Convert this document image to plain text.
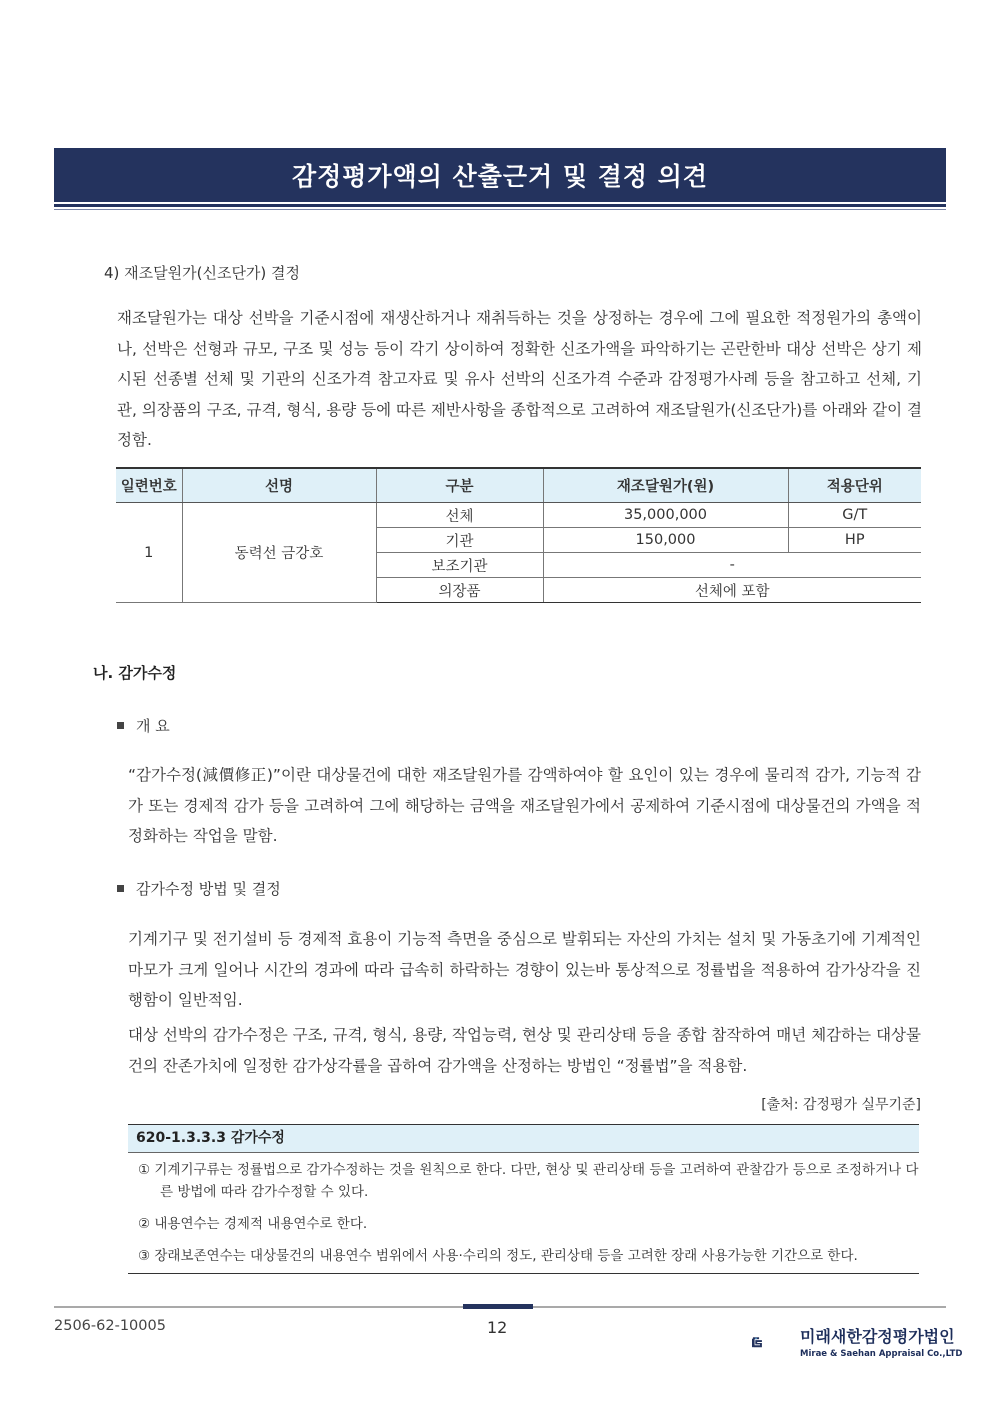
감정평가액의 산출근거 및 결정 의견
4) 재조달원가(신조단가) 결정

재조달원가는 대상 선박을 기준시점에 재생산하거나 재취득하는 것을 상정하는 경우에 그에 필요한 적정원가의 총액이나, 선박은 선형과 규모, 구조 및 성능 등이 각기 상이하여 정확한 신조가액을 파악하기는 곤란한바 대상 선박은 상기 제시된 선종별 선체 및 기관의 신조가격 참고자료 및 유사 선박의 신조가격 수준과 감정평가사례 등을 참고하고 선체, 기관, 의장품의 구조, 규격, 형식, 용량 등에 따른 제반사항을 종합적으로 고려하여 재조달원가(신조단가)를 아래와 같이 결정함.

일련번호	선명	구분	재조달원가(원)	적용단위
1	동력선 금강호	선체	35,000,000	G/T
		기관	150,000	HP
		보조기관	-	
		의장품	선체에 포함	
나. 감가수정
개 요

“감가수정(減價修正)”이란 대상물건에 대한 재조달원가를 감액하여야 할 요인이 있는 경우에 물리적 감가, 기능적 감가 또는 경제적 감가 등을 고려하여 그에 해당하는 금액을 재조달원가에서 공제하여 기준시점에 대상물건의 가액을 적정화하는 작업을 말함.

감가수정 방법 및 결정

기계기구 및 전기설비 등 경제적 효용이 기능적 측면을 중심으로 발휘되는 자산의 가치는 설치 및 가동초기에 기계적인 마모가 크게 일어나 시간의 경과에 따라 급속히 하락하는 경향이 있는바 통상적으로 정률법을 적용하여 감가상각을 진행함이 일반적임.

대상 선박의 감가수정은 구조, 규격, 형식, 용량, 작업능력, 현상 및 관리상태 등을 종합 참작하여 매년 체감하는 대상물건의 잔존가치에 일정한 감가상각률을 곱하여 감가액을 산정하는 방법인 “정률법”을 적용함.

[출처: 감정평가 실무기준]
620-1.3.3.3 감가수정

① 기계기구류는 정률법으로 감가수정하는 것을 원칙으로 한다. 다만, 현상 및 관리상태 등을 고려하여 관찰감가 등으로 조정하거나 다른 방법에 따라 감가수정할 수 있다.

② 내용연수는 경제적 내용연수로 한다.

③ 장래보존연수는 대상물건의 내용연수 범위에서 사용·수리의 정도, 관리상태 등을 고려한 장래 사용가능한 기간으로 한다.

2506-62-10005	12	미래새한감정평가법인
Mirae & Saehan Appraisal Co.,LTD
